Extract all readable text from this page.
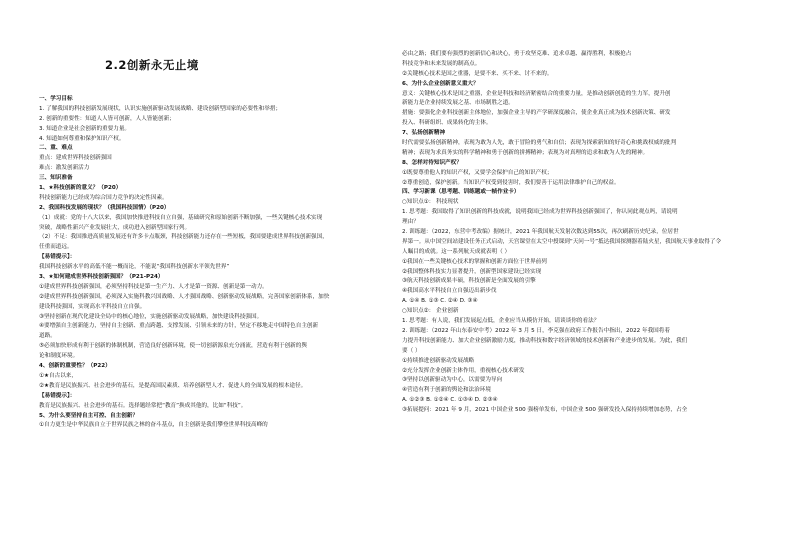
2.2创新永无止境
一、学习目标
1. 了解我国的科技创新发展现状，认识实施创新驱动发展战略、建设创新型国家的必要性和举措；
2. 创新的重要性：知道人人皆可创新，人人皆能创新；
3. 知道企业是社会创新的重要力量。
4. 知道如何尊重和保护知识产权。
二、重、难点
重点：建成世界科技创新强国
难点：激发创新活力
三、知识准备
1、★科技创新的意义？（P20）
科技创新能力已经成为综合国力竞争的决定性因素。
2、我国科技发展的现状？（我国科技国情）（P20）
（1）成就：党的十八大以来，我国加快推进科技自立自强，基础研究和原始创新不断加强，一些关键核心技术实现
突破，战略性新兴产业发展壮大，成功进入创新型国家行列。
（2）不足：我国推进高质量发展还有许多卡点瓶颈，科技创新能力还存在一些短板，我国要建成世界科技创新强国，
任重而道远。
【易错提示】：
我国科技创新水平的高低不能一概而论，不能说“我国科技创新水平领先世界”
3、★如何建成世界科技创新强国？（P21-P24）
①建成世界科技创新强国，必须坚持科技是第一生产力、人才是第一资源、创新是第一动力。
②建成世界科技创新强国，必须深入实施科教兴国战略、人才强国战略、创新驱动发展战略，完善国家创新体系，加快
建设科技强国，实现高水平科技自立自强。
③坚持创新在现代化建设全局中的核心地位，实施创新驱动发展战略，加快建设科技强国。
④要增强自主创新能力，坚持自主创新、重点跨越、支撑发展、引领未来的方针，坚定不移地走中国特色自主创新
道路。
⑤必须加快形成有利于创新的体制机制，营造良好创新环境，使一切创新源泉充分涌流，营造有利于创新的舆
论和制度环境。
4、创新的重要性？（P22）
①★自古以来，
②★教育是民族振兴、社会进步的基石，是提高国民素质、培养创新型人才、促进人的全面发展的根本途径。
【易错提示】：
教育是民族振兴、社会进步的基石。选择题经常把“教育”换成其他的，比如“科技”。
5、为什么要坚持自主可控、自主创新？
①自力更生是中华民族自立于世界民族之林的奋斗基点，自主创新是我们攀登世界科技高峰的
必由之路；我们要有强烈的创新信心和决心，勇于攻坚克难、追求卓越、赢得胜利，积极抢占
科技竞争和未来发展的制高点。
②关键核心技术是国之重器，是要不来、买不来、讨不来的。
6、为什么企业创新意义重大？
意义：关键核心技术是国之重器，企业是科技和经济紧密结合的重要力量，是推动创新创造的生力军，提升创
新能力是企业持续发展之基、市场制胜之道。
措施：要强化企业科技创新主体地位，加强企业主导的产学研深度融合，使企业真正成为技术创新决策、研发
投入、科研组织、成果转化的主体。
7、弘扬创新精神
时代需要弘扬创新精神，表现为敢为人先，敢于冒险的勇气和自信；表现为探索新知的好奇心和挑战权威的批判
精神；表现为求真务实的科学精神和勇于创新的拼搏精神；表现为对真理的追求和敢为人先的精神。
8、怎样对待知识产权？
①既要尊重他人的知识产权，又要学会保护自己的知识产权；
②尊重创造，保护创新。当知识产权受到侵害时，我们要善于运用法律维护自己的权益。
四、学习新课（思考题、训练题或一帧作业卡）
○知识点①： 科技现状
1. 思考题：我国取得了知识创新的科技成就，说明我国已经成为世界科技创新强国了，你认同此观点吗，请说明
理由？
2. 训练题：（2022，东营中考改编）据统计，2021 年我国航天发射次数达到55次，再次刷新历史纪录，位居世
界第一。从中国空间站建设任务正式启动，天宫课堂在太空中授课到“天问一号”抵达我国探测器着陆火星，我国航天事业取得了令
人瞩目的成就。这一系列航天成就表明（ ）
①我国在一些关键核心技术的掌握和创新方面位于世界前列
②我国整体科技实力显著提升，创新型国家建设已经实现
③航天科技创新成果丰硕，科技创新是全面发展的引擎
④我国高水平科技自立自强迈出新步伐
A. ①④ B. ①③ C. ②④ D. ③④
○知识点②： 企业创新
1. 思考题：有人说，我们发展起点低，企业应当从模仿开始，请谈谈你的看法？
2. 训练题：（2022 年山东泰安中考）2022 年 3 月 5 日，李克强在政府工作报告中指出，2022 年我国将着
力提升科技创新能力、加大企业创新激励力度，推动科技和数字经济领域的技术创新和产业进步的发展。为此，我们
要（ ）
①持续推进创新驱动发展战略
②充分发挥企业创新主体作用，重视核心技术研发
③坚持以创新驱动为中心，以需要为导向
④营造有利于创新的舆论和法治环境
A. ①②③ B. ①②④ C. ①③④ D. ②③④
③拓展提问：2021 年 9 月，2021 中国企业 500 强榜单发布，中国企业 500 强研发投入保持持续增加态势，占全
